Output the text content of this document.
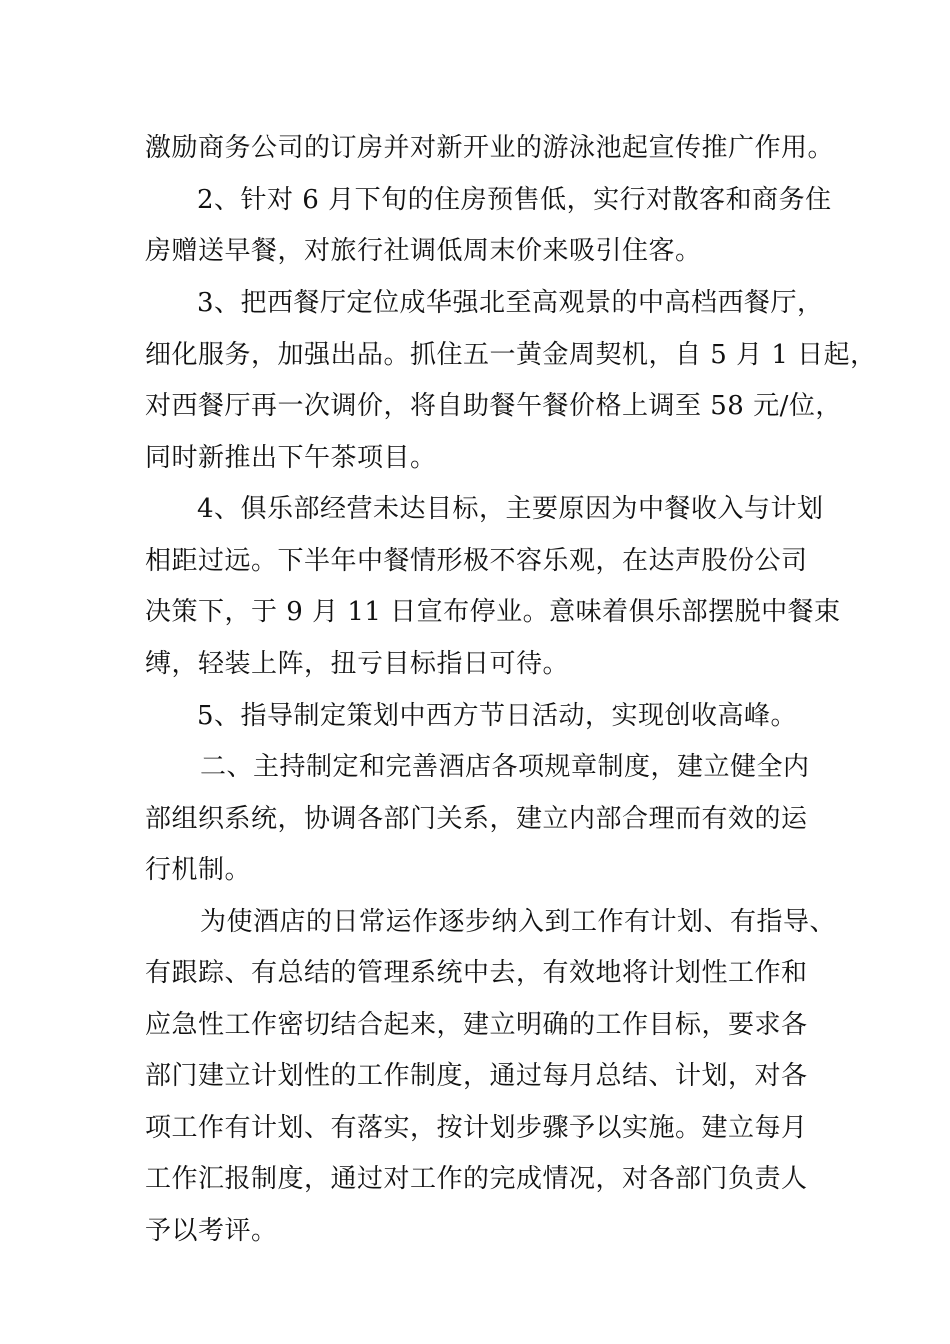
激励商务公司的订房并对新开业的游泳池起宣传推广作用。
2、针对 6 月下旬的住房预售低，实行对散客和商务住
房赠送早餐，对旅行社调低周末价来吸引住客。
3、把西餐厅定位成华强北至高观景的中高档西餐厅，
细化服务，加强出品。抓住五一黄金周契机，自 5 月 1 日起，
对西餐厅再一次调价，将自助餐午餐价格上调至 58 元/位，
同时新推出下午茶项目。
4、俱乐部经营未达目标，主要原因为中餐收入与计划
相距过远。下半年中餐情形极不容乐观，在达声股份公司
决策下，于 9 月 11 日宣布停业。意味着俱乐部摆脱中餐束
缚，轻装上阵，扭亏目标指日可待。
5、指导制定策划中西方节日活动，实现创收高峰。
二、主持制定和完善酒店各项规章制度，建立健全内
部组织系统，协调各部门关系，建立内部合理而有效的运
行机制。
为使酒店的日常运作逐步纳入到工作有计划、有指导、
有跟踪、有总结的管理系统中去，有效地将计划性工作和
应急性工作密切结合起来，建立明确的工作目标，要求各
部门建立计划性的工作制度，通过每月总结、计划，对各
项工作有计划、有落实，按计划步骤予以实施。建立每月
工作汇报制度，通过对工作的完成情况，对各部门负责人
予以考评。
